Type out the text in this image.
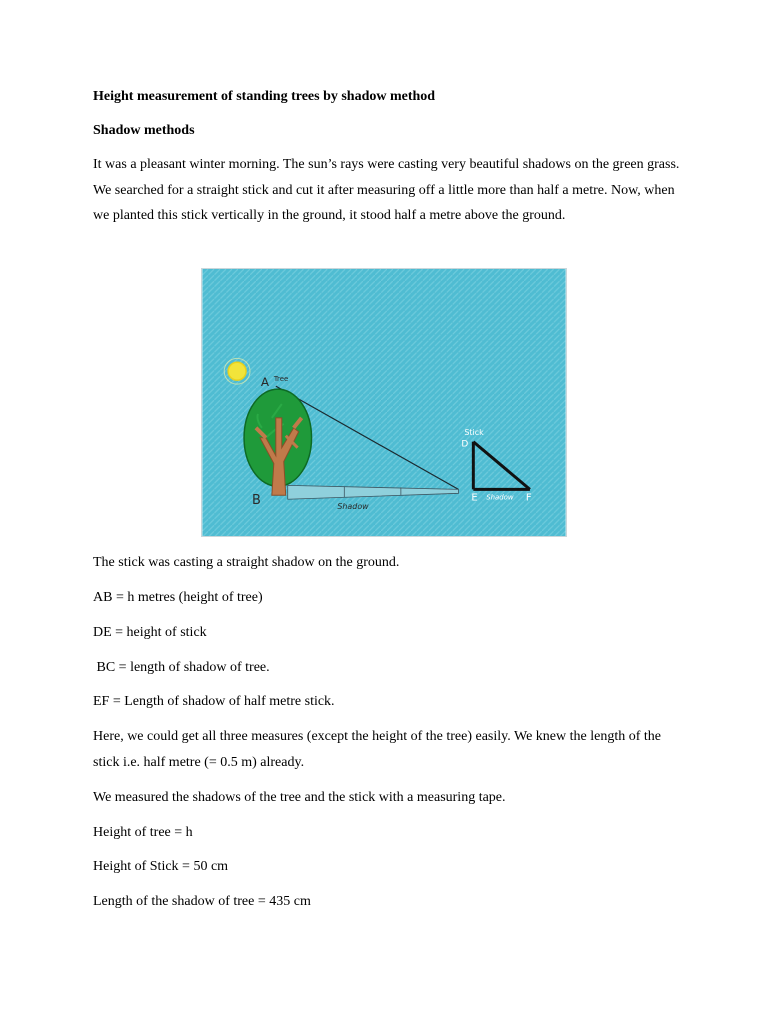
Height measurement of standing trees by shadow method

Shadow methods

It was a pleasant winter morning. The sun’s rays were casting very beautiful shadows on the green grass. We searched for a straight stick and cut it after measuring off a little more than half a metre. Now, when we planted this stick vertically in the ground, it stood half a metre above the ground.

A Tree
B	Shadow
Stick
D
E Shadow F

The stick was casting a straight shadow on the ground.

AB = h metres (height of tree)

DE = height of stick

BC = length of shadow of tree.

EF = Length of shadow of half metre stick.

Here, we could get all three measures (except the height of the tree) easily. We knew the length of the stick i.e. half metre (= 0.5 m) already.

We measured the shadows of the tree and the stick with a measuring tape.

Height of tree = h

Height of Stick = 50 cm

Length of the shadow of tree = 435 cm
